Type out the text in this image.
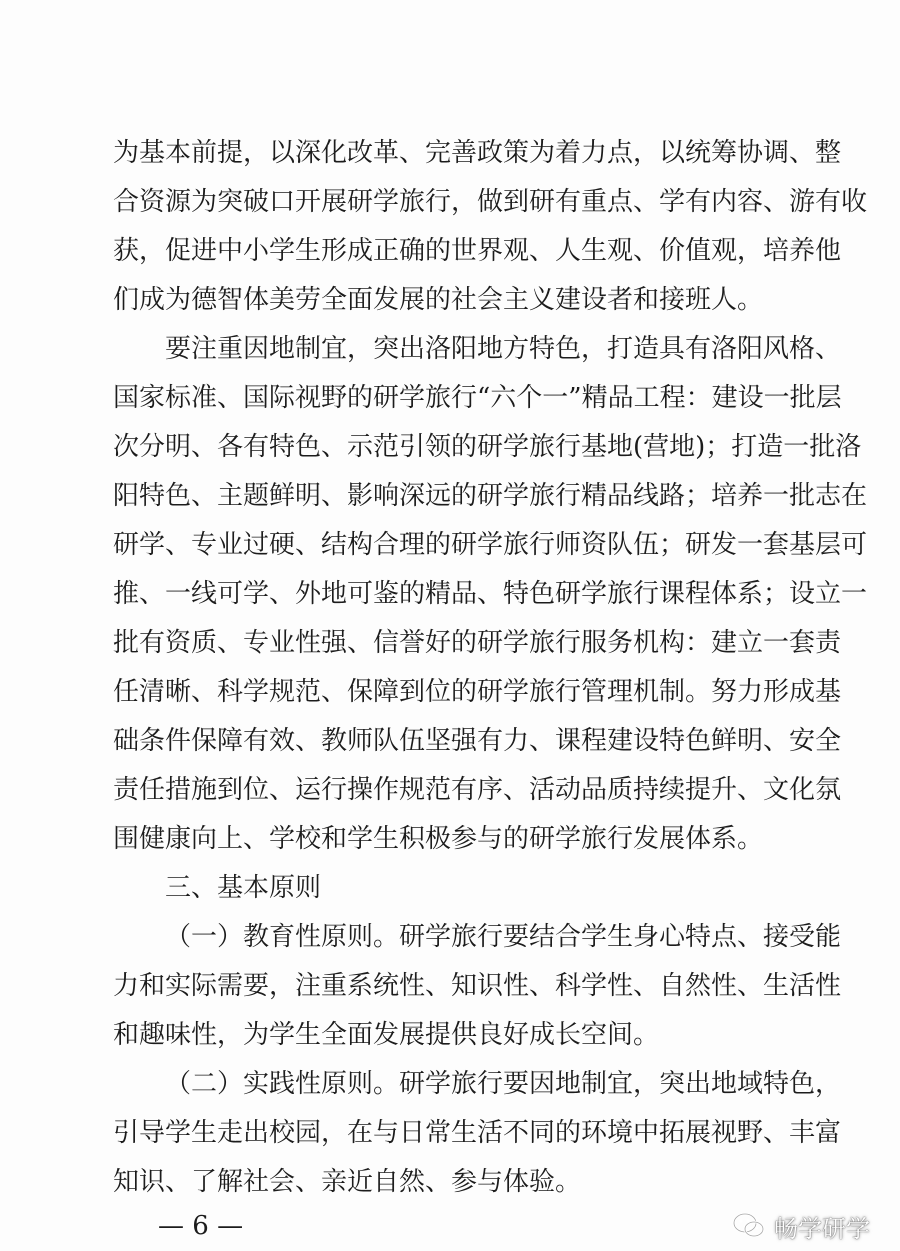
为基本前提，以深化改革、完善政策为着力点，以统筹协调、整
合资源为突破口开展研学旅行，做到研有重点、学有内容、游有收
获，促进中小学生形成正确的世界观、人生观、价值观，培养他
们成为德智体美劳全面发展的社会主义建设者和接班人。
要注重因地制宜，突出洛阳地方特色，打造具有洛阳风格、
国家标准、国际视野的研学旅行“六个一”精品工程：建设一批层
次分明、各有特色、示范引领的研学旅行基地(营地)；打造一批洛
阳特色、主题鲜明、影响深远的研学旅行精品线路；培养一批志在
研学、专业过硬、结构合理的研学旅行师资队伍；研发一套基层可
推、一线可学、外地可鉴的精品、特色研学旅行课程体系；设立一
批有资质、专业性强、信誉好的研学旅行服务机构：建立一套责
任清晰、科学规范、保障到位的研学旅行管理机制。努力形成基
础条件保障有效、教师队伍坚强有力、课程建设特色鲜明、安全
责任措施到位、运行操作规范有序、活动品质持续提升、文化氛
围健康向上、学校和学生积极参与的研学旅行发展体系。
三、基本原则
（一）教育性原则。研学旅行要结合学生身心特点、接受能
力和实际需要，注重系统性、知识性、科学性、自然性、生活性
和趣味性，为学生全面发展提供良好成长空间。
（二）实践性原则。研学旅行要因地制宜，突出地域特色，
引导学生走出校园，在与日常生活不同的环境中拓展视野、丰富
知识、了解社会、亲近自然、参与体验。
— 6 —	畅学研学
